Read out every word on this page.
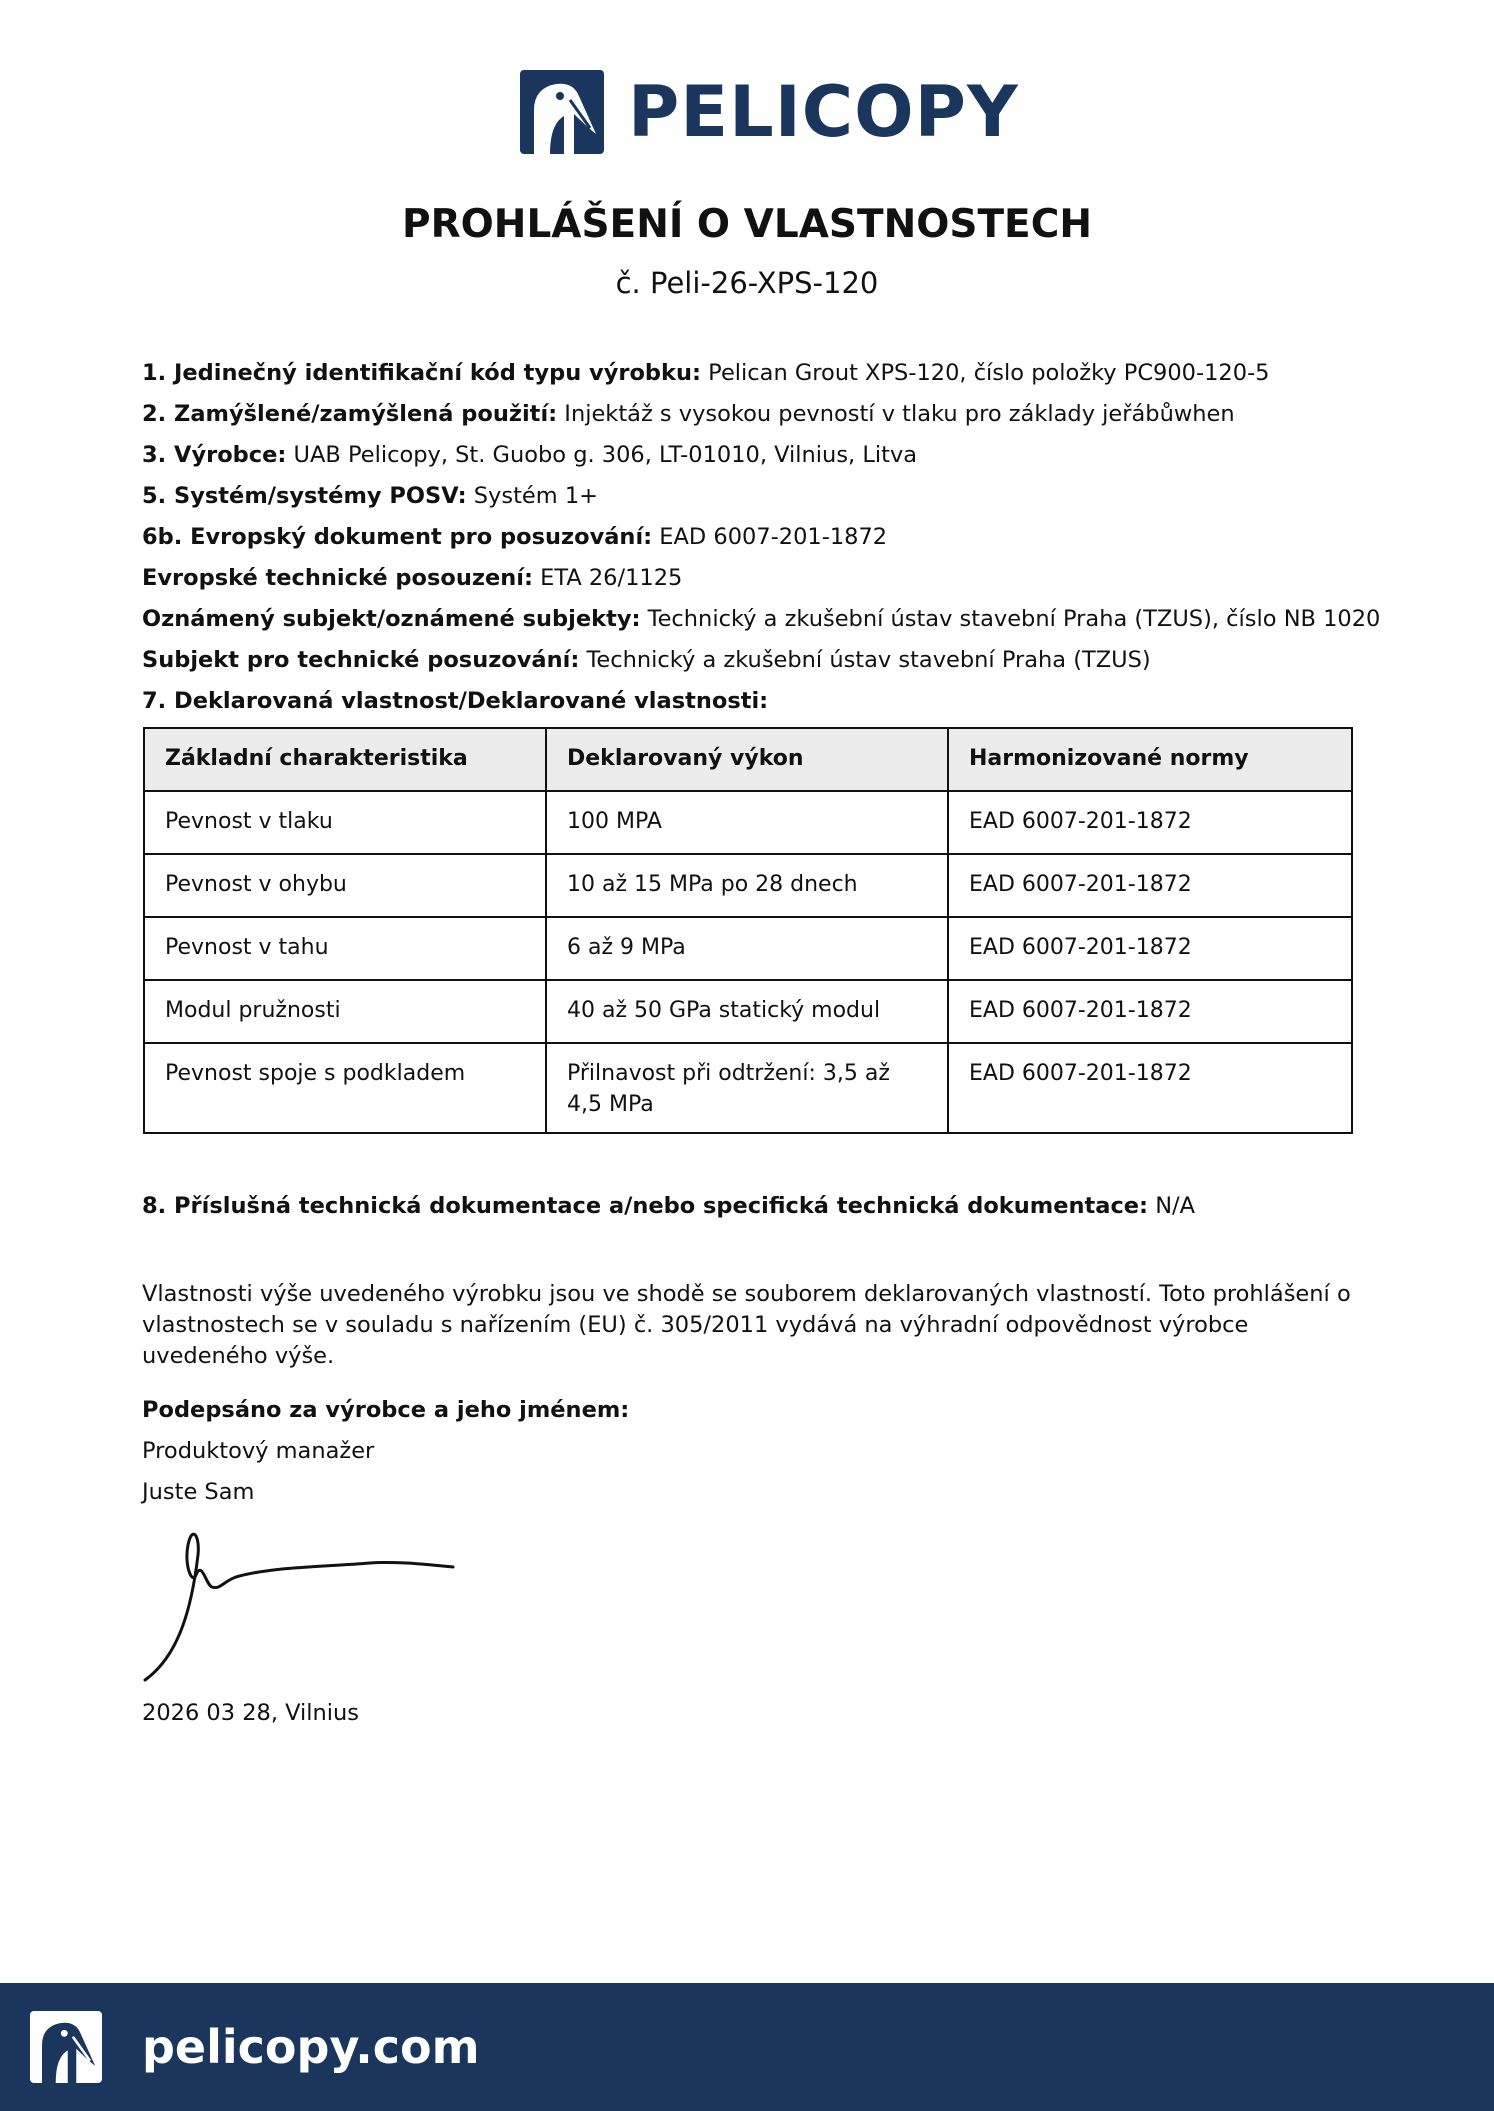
PELICOPY
PROHLÁŠENÍ O VLASTNOSTECH

č. Peli-26-XPS-120

1. Jedinečný identifikační kód typu výrobku: Pelican Grout XPS-120, číslo položky PC900-120-5
2. Zamýšlené/zamýšlená použití: Injektáž s vysokou pevností v tlaku pro základy jeřábůwhen
3. Výrobce: UAB Pelicopy, St. Guobo g. 306, LT-01010, Vilnius, Litva
5. Systém/systémy POSV: Systém 1+
6b. Evropský dokument pro posuzování: EAD 6007-201-1872
Evropské technické posouzení: ETA 26/1125
Oznámený subjekt/oznámené subjekty: Technický a zkušební ústav stavební Praha (TZUS), číslo NB 1020
Subjekt pro technické posuzování: Technický a zkušební ústav stavební Praha (TZUS)
7. Deklarovaná vlastnost/Deklarované vlastnosti:
Základní charakteristika	Deklarovaný výkon	Harmonizované normy
Pevnost v tlaku	100 MPA	EAD 6007-201-1872
Pevnost v ohybu	10 až 15 MPa po 28 dnech	EAD 6007-201-1872
Pevnost v tahu	6 až 9 MPa	EAD 6007-201-1872
Modul pružnosti	40 až 50 GPa statický modul	EAD 6007-201-1872
Pevnost spoje s podkladem	Přilnavost při odtržení: 3,5 až 4,5 MPa	EAD 6007-201-1872
8. Příslušná technická dokumentace a/nebo specifická technická dokumentace: N/A

Vlastnosti výše uvedeného výrobku jsou ve shodě se souborem deklarovaných vlastností. Toto prohlášení o vlastnostech se v souladu s nařízením (EU) č. 305/2011 vydává na výhradní odpovědnost výrobce uvedeného výše.

Podepsáno za výrobce a jeho jménem:
Produktový manažer
Juste Sam
2026 03 28, Vilnius
pelicopy.com
